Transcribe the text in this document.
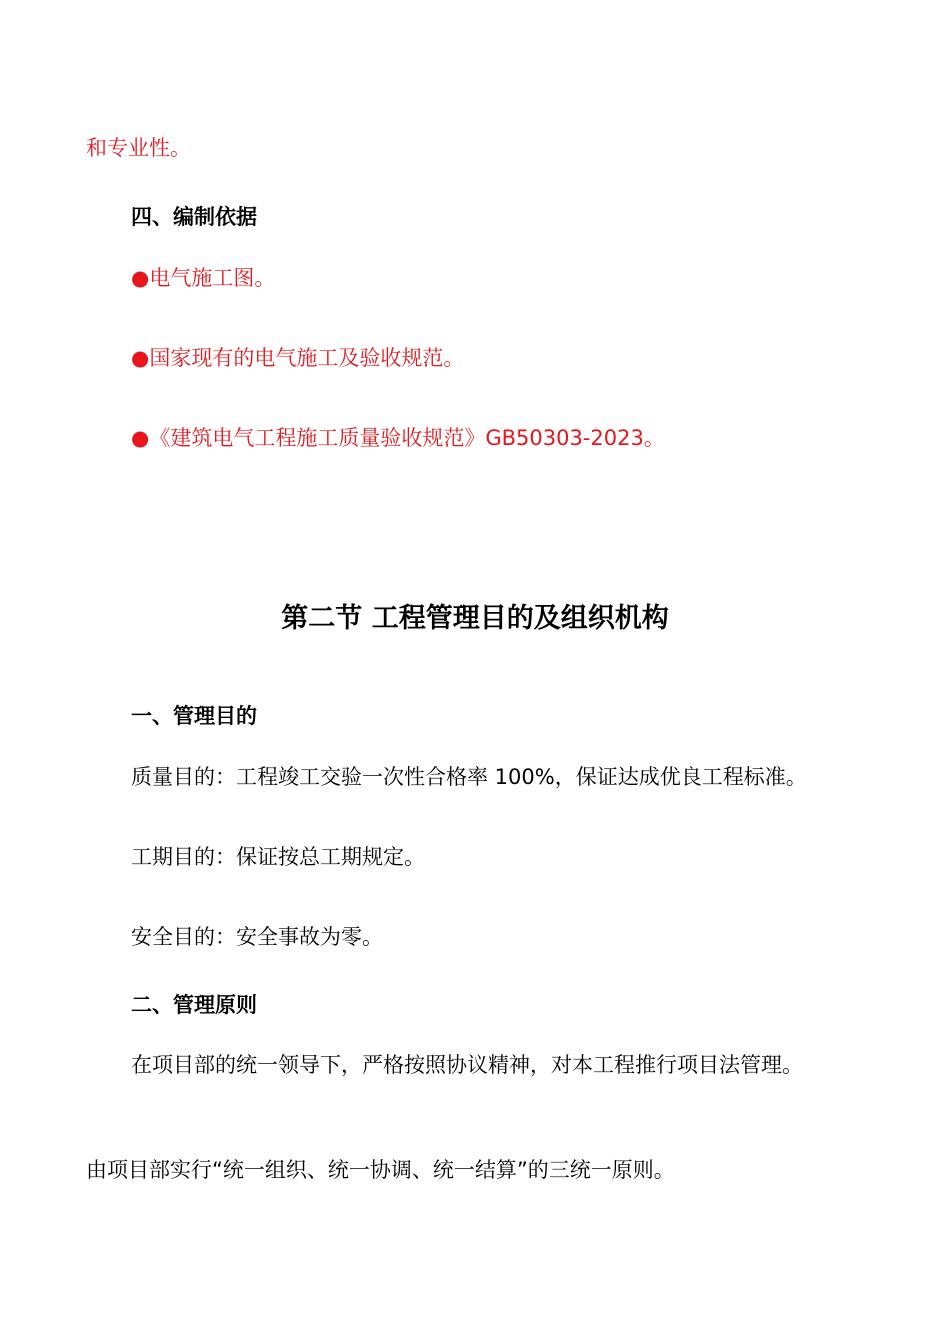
和专业性。
四、编制依据
●电气施工图。
●国家现有的电气施工及验收规范。
●《建筑电气工程施工质量验收规范》GB50303-2023。
第二节 工程管理目的及组织机构
一、管理目的
质量目的：工程竣工交验一次性合格率 100%，保证达成优良工程标准。
工期目的：保证按总工期规定。
安全目的：安全事故为零。
二、管理原则
在项目部的统一领导下，严格按照协议精神，对本工程推行项目法管理。
由项目部实行“统一组织、统一协调、统一结算”的三统一原则。
